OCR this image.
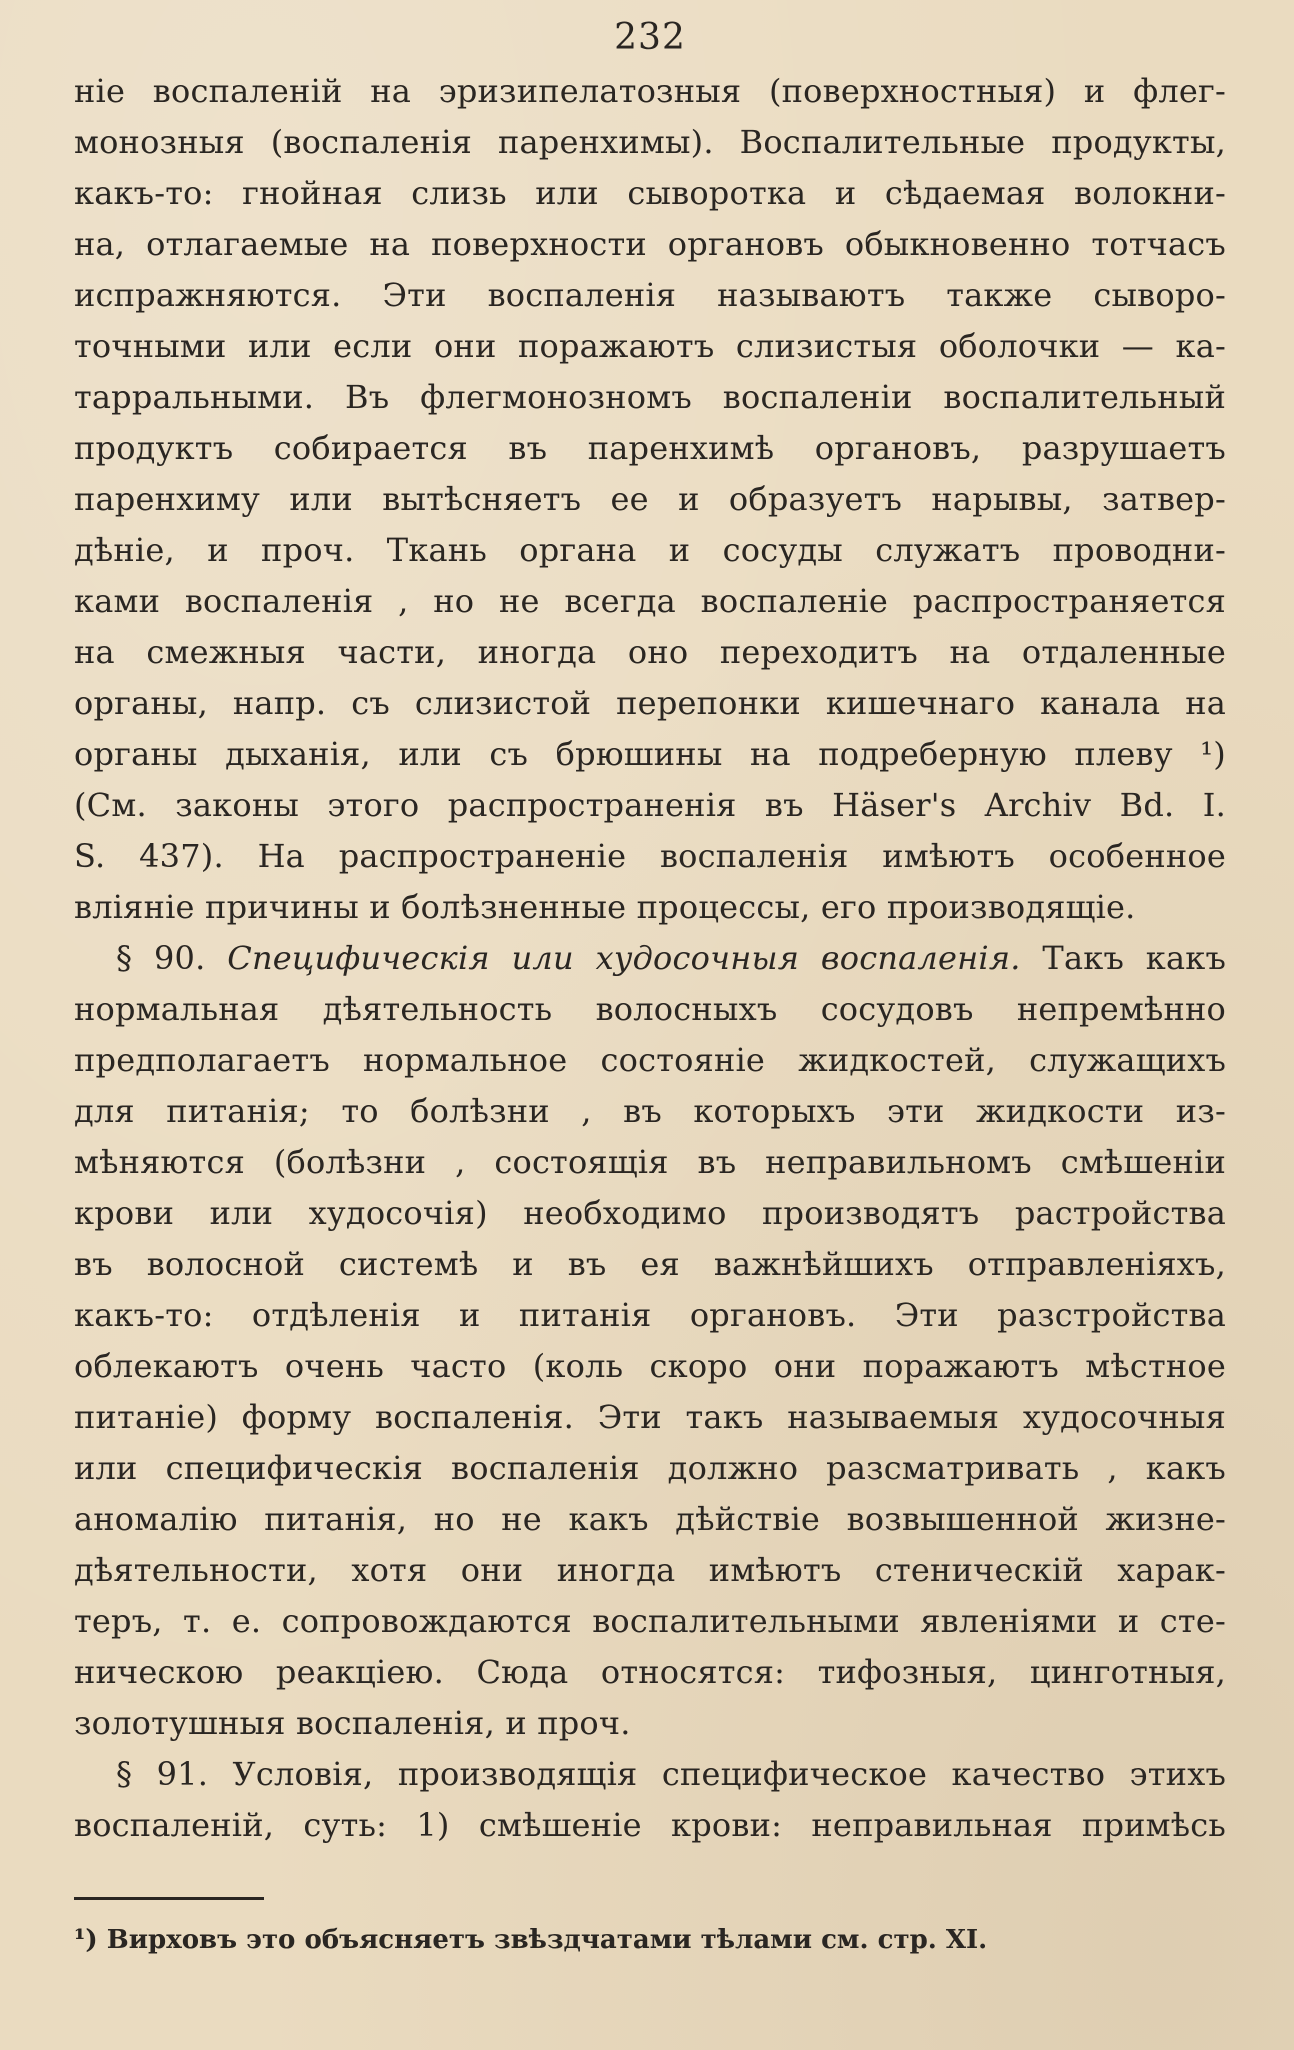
232
ніе воспаленій на эризипелатозныя (поверхностныя) и флег-
монозныя (воспаленія паренхимы). Воспалительные продукты,
какъ-то: гнойная слизь или сыворотка и сѣдаемая волокни-
на, отлагаемые на поверхности органовъ обыкновенно тотчасъ
испражняются. Эти воспаленія называютъ также сыворо-
точными или если они поражаютъ слизистыя оболочки — ка-
тарральными. Въ флегмонозномъ воспаленіи воспалительный
продуктъ собирается въ паренхимѣ органовъ, разрушаетъ
паренхиму или вытѣсняетъ ее и образуетъ нарывы, затвер-
дѣніе, и проч. Ткань органа и сосуды служатъ проводни-
ками воспаленія , но не всегда воспаленіе распространяется
на смежныя части, иногда оно переходитъ на отдаленные
органы, напр. съ слизистой перепонки кишечнаго канала на
органы дыханія, или съ брюшины на подреберную плеву ¹)
(См. законы этого распространенія въ Häser's Archiv Bd. I.
S. 437). На распространеніе воспаленія имѣютъ особенное
вліяніе причины и болѣзненные процессы, его производящіе.
§ 90. Специфическія или худосочныя воспаленія. Такъ какъ
нормальная дѣятельность волосныхъ сосудовъ непремѣнно
предполагаетъ нормальное состояніе жидкостей, служащихъ
для питанія; то болѣзни , въ которыхъ эти жидкости из-
мѣняются (болѣзни , состоящія въ неправильномъ смѣшеніи
крови или худосочія) необходимо производятъ растройства
въ волосной системѣ и въ ея важнѣйшихъ отправленіяхъ,
какъ-то: отдѣленія и питанія органовъ. Эти разстройства
облекаютъ очень часто (коль скоро они поражаютъ мѣстное
питаніе) форму воспаленія. Эти такъ называемыя худосочныя
или специфическія воспаленія должно разсматривать , какъ
аномалію питанія, но не какъ дѣйствіе возвышенной жизне-
дѣятельности, хотя они иногда имѣютъ стеническій харак-
теръ, т. е. сопровождаются воспалительными явленіями и сте-
ническою реакціею. Сюда относятся: тифозныя, цинготныя,
золотушныя воспаленія, и проч.
§ 91. Условія, производящія специфическое качество этихъ
воспаленій, суть: 1) смѣшеніе крови: неправильная примѣсь
¹) Вирховъ это объясняетъ звѣздчатами тѣлами см. стр. XI.
